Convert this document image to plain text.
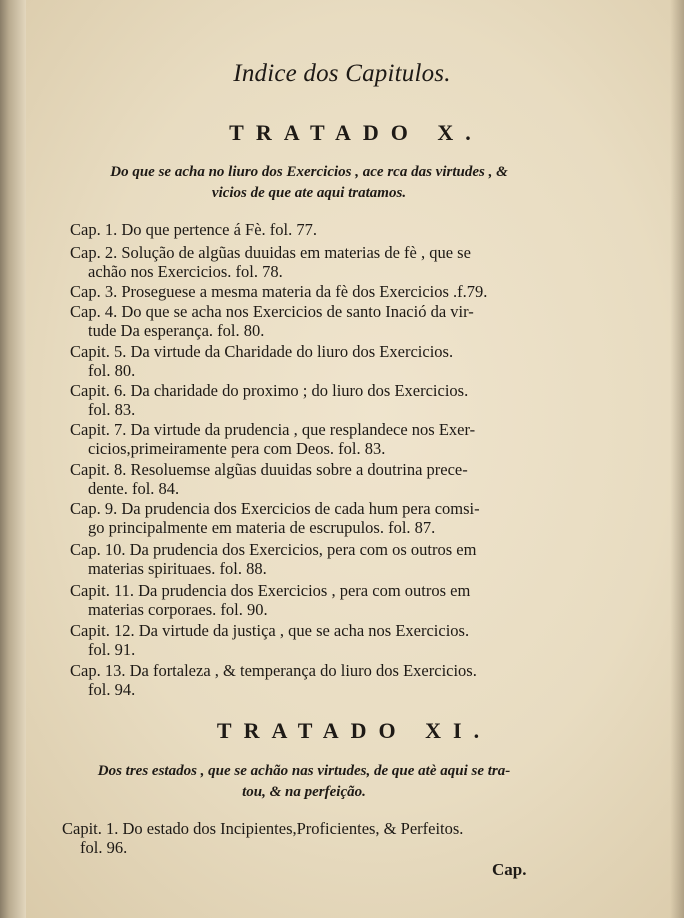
Indice dos Capitulos.
TRATADO X.
Do que se acha no liuro dos Exercicios , ace rca das virtudes , &
vicios de que ate aqui tratamos.
Cap. 1. Do que pertence á Fè. fol. 77.
Cap. 2. Solução de algũas duuidas em materias de fè , que se
achão nos Exercicios. fol. 78.
Cap. 3. Proseguese a mesma materia da fè dos Exercicios .f.79.
Cap. 4. Do que se acha nos Exercicios de santo Inació da vir-
tude Da esperança. fol. 80.
Capit. 5. Da virtude da Charidade do liuro dos Exercicios.
fol. 80.
Capit. 6. Da charidade do proximo ; do liuro dos Exercicios.
fol. 83.
Capit. 7. Da virtude da prudencia , que resplandece nos Exer-
cicios,primeiramente pera com Deos. fol. 83.
Capit. 8. Resoluemse algũas duuidas sobre a doutrina prece-
dente. fol. 84.
Cap. 9. Da prudencia dos Exercicios de cada hum pera comsi-
go principalmente em materia de escrupulos. fol. 87.
Cap. 10. Da prudencia dos Exercicios, pera com os outros em
materias spirituaes. fol. 88.
Capit. 11. Da prudencia dos Exercicios , pera com outros em
materias corporaes. fol. 90.
Capit. 12. Da virtude da justiça , que se acha nos Exercicios.
fol. 91.
Cap. 13. Da fortaleza , & temperança do liuro dos Exercicios.
fol. 94.
TRATADO XI.
Dos tres estados , que se achão nas virtudes, de que atè aqui se tra-
tou, & na perfeição.
Capit. 1. Do estado dos Incipientes,Proficientes, & Perfeitos.
fol. 96.
Cap.
